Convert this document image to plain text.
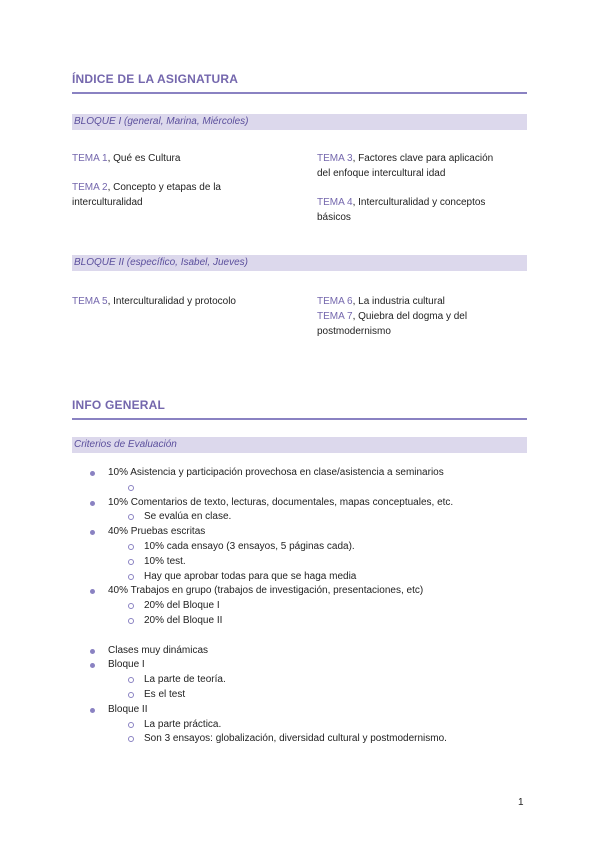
ÍNDICE DE LA ASIGNATURA
BLOQUE I (general, Marina, Miércoles)
TEMA 1, Qué es Cultura
TEMA 2, Concepto y etapas de la
interculturalidad
TEMA 3, Factores clave para aplicación
del enfoque intercultural idad
TEMA 4, Interculturalidad y conceptos
básicos
BLOQUE II (específico, Isabel, Jueves)
TEMA 5, Interculturalidad y protocolo	TEMA 6, La industria cultural
TEMA 7, Quiebra del dogma y del
postmodernismo
INFO GENERAL
Criterios de Evaluación
10% Asistencia y participación provechosa en clase/asistencia a seminarios

10% Comentarios de texto, lecturas, documentales, mapas conceptuales, etc.
Se evalúa en clase.
40% Pruebas escritas
10% cada ensayo (3 ensayos, 5 páginas cada).
10% test.
Hay que aprobar todas para que se haga media
40% Trabajos en grupo (trabajos de investigación, presentaciones, etc)
20% del Bloque I
20% del Bloque II
Clases muy dinámicas
Bloque I
La parte de teoría.
Es el test
Bloque II
La parte práctica.
Son 3 ensayos: globalización, diversidad cultural y postmodernismo.
1
